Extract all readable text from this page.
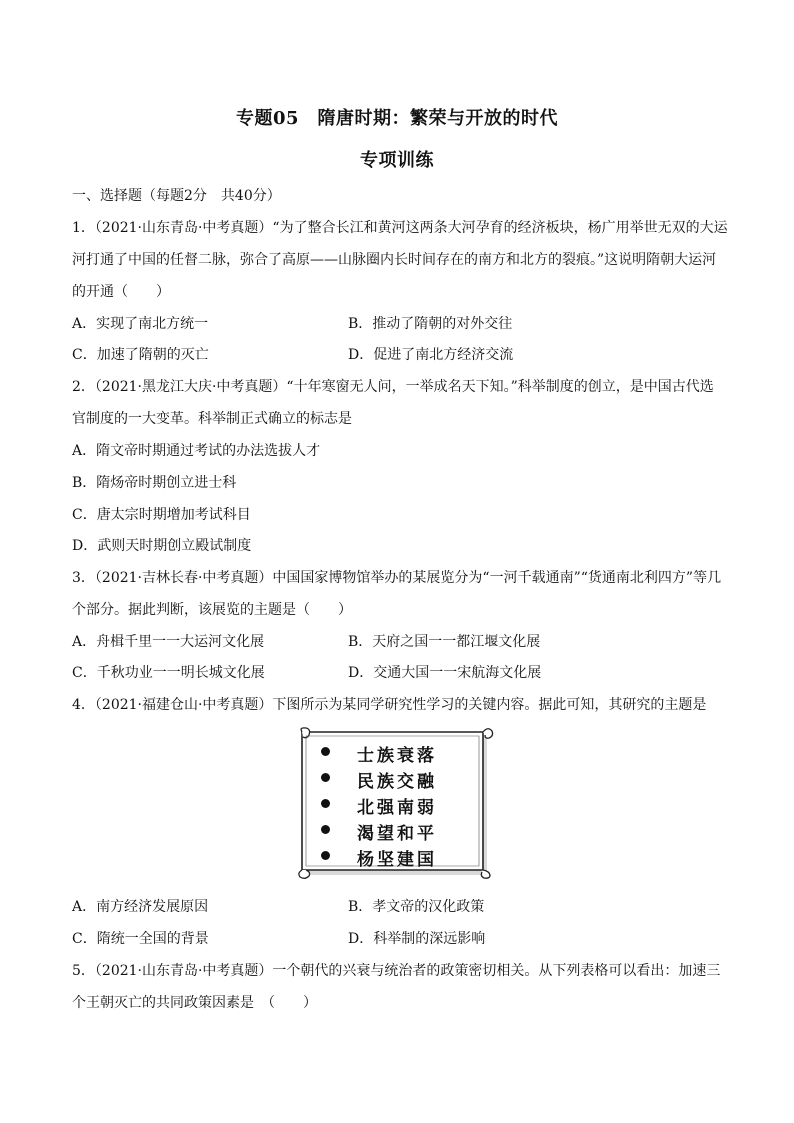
专题05　隋唐时期：繁荣与开放的时代
专项训练
一、选择题（每题2分　共40分）
1．（2021·山东青岛·中考真题）“为了整合长江和黄河这两条大河孕育的经济板块，杨广用举世无双的大运
河打通了中国的任督二脉，弥合了高原——山脉圈内长时间存在的南方和北方的裂痕。”这说明隋朝大运河
的开通（　　）
A．实现了南北方统一	B．推动了隋朝的对外交往
C．加速了隋朝的灭亡	D．促进了南北方经济交流
2．（2021·黑龙江大庆·中考真题）“十年寒窗无人问，一举成名天下知。”科举制度的创立，是中国古代选
官制度的一大变革。科举制正式确立的标志是
A．隋文帝时期通过考试的办法选拔人才
B．隋炀帝时期创立进士科
C．唐太宗时期增加考试科目
D．武则天时期创立殿试制度
3．（2021·吉林长春·中考真题）中国国家博物馆举办的某展览分为“一河千载通南”“货通南北利四方”等几
个部分。据此判断，该展览的主题是（　　）
A．舟楫千里一一大运河文化展	B．天府之国一一都江堰文化展
C．千秋功业一一明长城文化展	D．交通大国一一宋航海文化展
4．（2021·福建仓山·中考真题）下图所示为某同学研究性学习的关键内容。据此可知，其研究的主题是
士族衰落
民族交融
北强南弱
渴望和平
杨坚建国
A．南方经济发展原因	B．孝文帝的汉化政策
C．隋统一全国的背景	D．科举制的深远影响
5．（2021·山东青岛·中考真题）一个朝代的兴衰与统治者的政策密切相关。从下列表格可以看出：加速三
个王朝灭亡的共同政策因素是　（　　）
